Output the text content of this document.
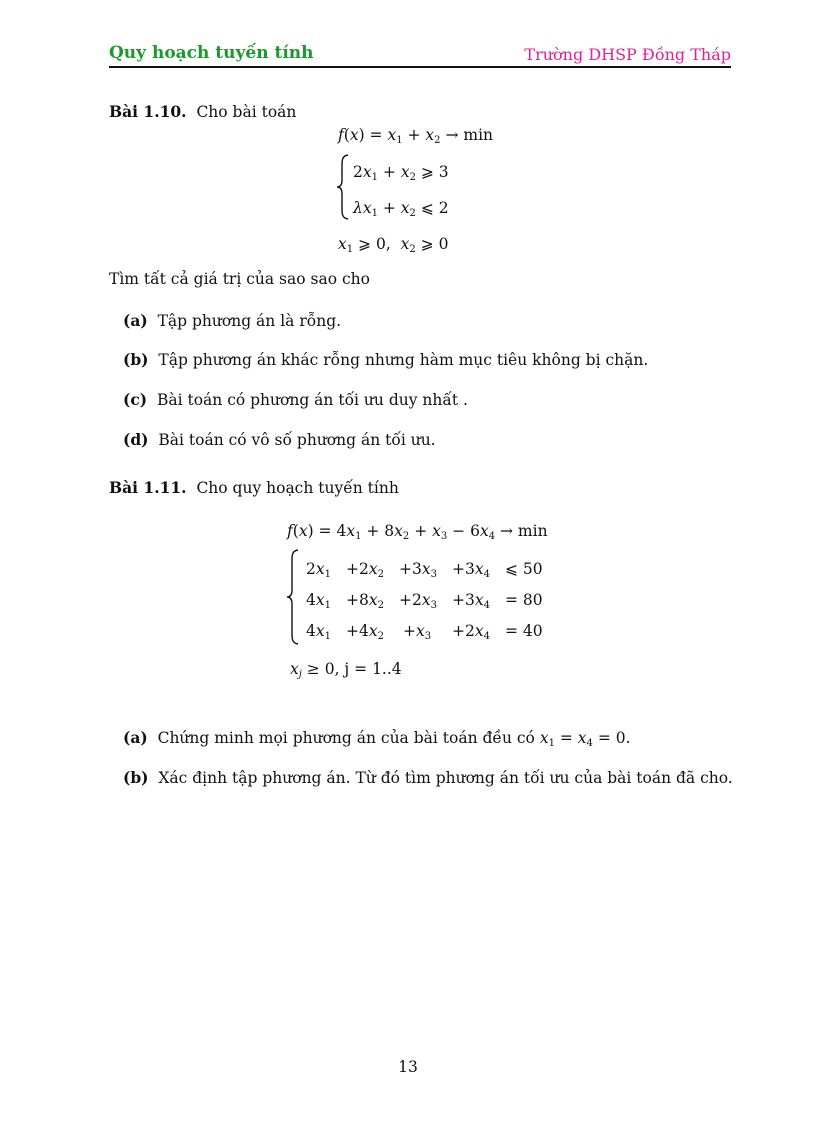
Quy hoạch tuyến tính	Trường DHSP Đồng Tháp
Bài 1.10. Cho bài toán
$f(x) = x_1 + x_2 \to \min$
$2x_1 + x_2$ ⩾ 3
$\lambda x_1 + x_2$ ⩽ 2
$x_1$ ⩾ 0,  $x_2$ ⩾ 0
Tìm tất cả giá trị của sao sao cho
(a) Tập phương án là rỗng.
(b) Tập phương án khác rỗng nhưng hàm mục tiêu không bị chặn.
(c) Bài toán có phương án tối ưu duy nhất .
(d) Bài toán có vô số phương án tối ưu.
Bài 1.11. Cho quy hoạch tuyến tính
$f(x) = 4x_1 + 8x_2 + x_3 - 6x_4 \to \min$
$2x_1 +2x_2 +3x_3 +3x_4$ ⩽ 50
$4x_1 +8x_2 +2x_3 +3x_4 = 80$
$4x_1 +4x_2 +x_3 +2x_4 = 40$
$x_j \ge 0$, j = 1..4
(a) Chứng minh mọi phương án của bài toán đều có $x_1 = x_4 = 0$.
(b) Xác định tập phương án. Từ đó tìm phương án tối ưu của bài toán đã cho.
13
